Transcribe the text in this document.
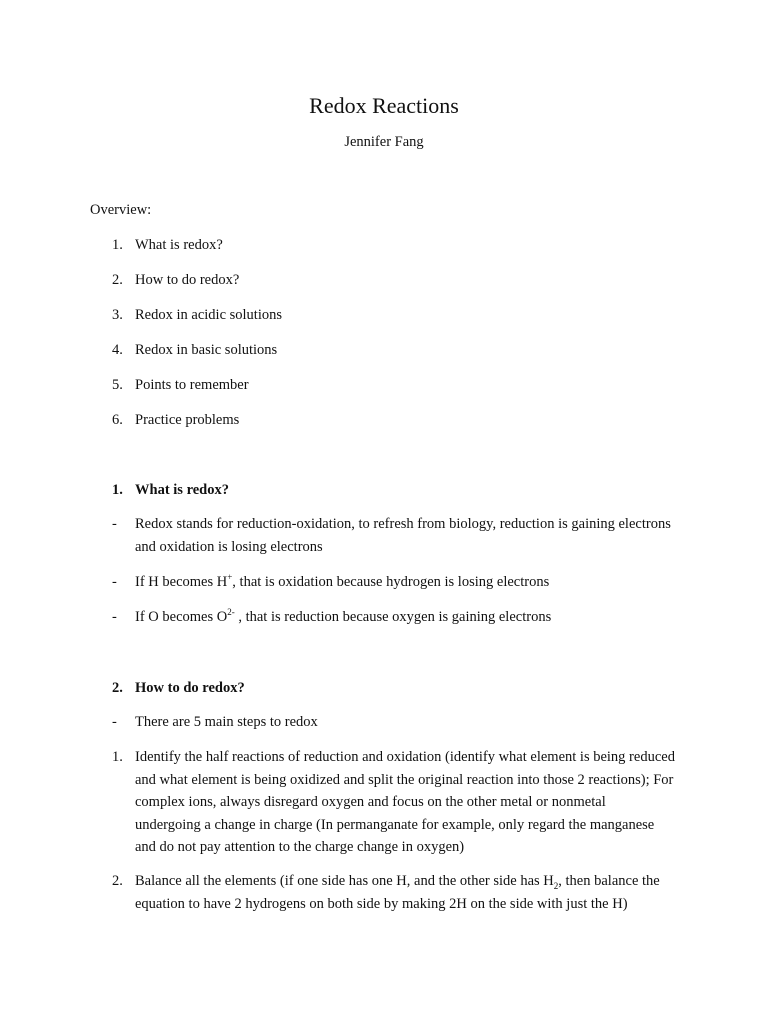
Redox Reactions
Jennifer Fang
Overview:
1. What is redox?
2. How to do redox?
3. Redox in acidic solutions
4. Redox in basic solutions
5. Points to remember
6. Practice problems
1. What is redox?
-	Redox stands for reduction-oxidation, to refresh from biology, reduction is gaining electrons and oxidation is losing electrons
-	If H becomes H+, that is oxidation because hydrogen is losing electrons
-	If O becomes $O^{2-}$ , that is reduction because oxygen is gaining electrons
2. How to do redox?
-	There are 5 main steps to redox
1. Identify the half reactions of reduction and oxidation (identify what element is being reduced and what element is being oxidized and split the original reaction into those 2 reactions); For complex ions, always disregard oxygen and focus on the other metal or nonmetal undergoing a change in charge (In permanganate for example, only regard the manganese and do not pay attention to the charge change in oxygen)
2. Balance all the elements (if one side has one H, and the other side has $H_2$, then balance the equation to have 2 hydrogens on both side by making 2H on the side with just the H)
